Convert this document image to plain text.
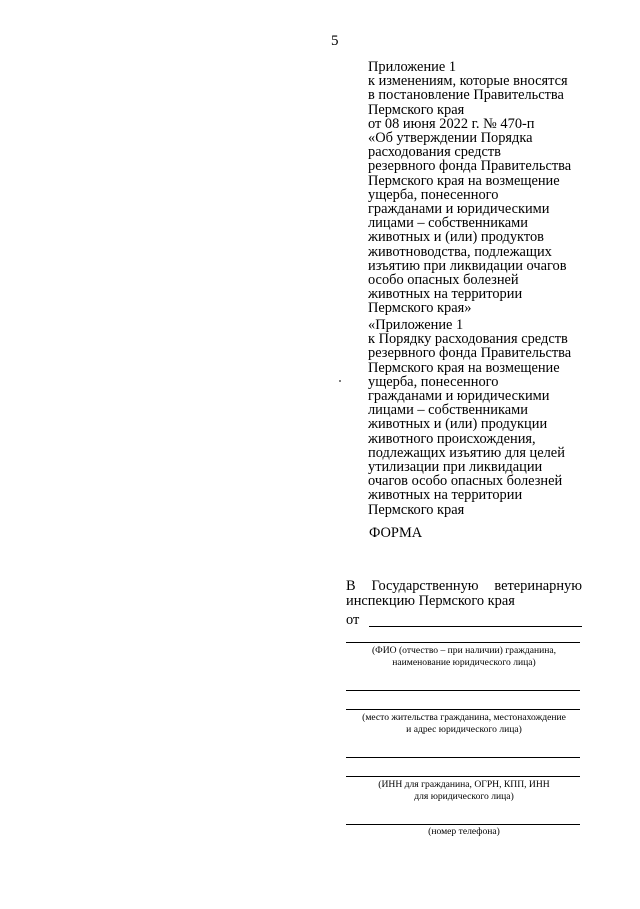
5
Приложение 1
к изменениям, которые вносятся
в постановление Правительства
Пермского края
от 08 июня 2022 г. № 470-п
«Об утверждении Порядка
расходования средств
резервного фонда Правительства
Пермского края на возмещение
ущерба, понесенного
гражданами и юридическими
лицами – собственниками
животных и (или) продуктов
животноводства, подлежащих
изъятию при ликвидации очагов
особо опасных болезней
животных на территории
Пермского края»
«Приложение 1
к Порядку расходования средств
резервного фонда Правительства
Пермского края на возмещение
ущерба, понесенного
гражданами и юридическими
лицами – собственниками
животных и (или) продукции
животного происхождения,
подлежащих изъятию для целей
утилизации при ликвидации
очагов особо опасных болезней
животных на территории
Пермского края
ФОРМА
В Государственную ветеринарную
инспекцию Пермского края
от
(ФИО (отчество – при наличии) гражданина,
наименование юридического лица)
(место жительства гражданина, местонахождение
и адрес юридического лица)
(ИНН для гражданина, ОГРН, КПП, ИНН
для юридического лица)
(номер телефона)
